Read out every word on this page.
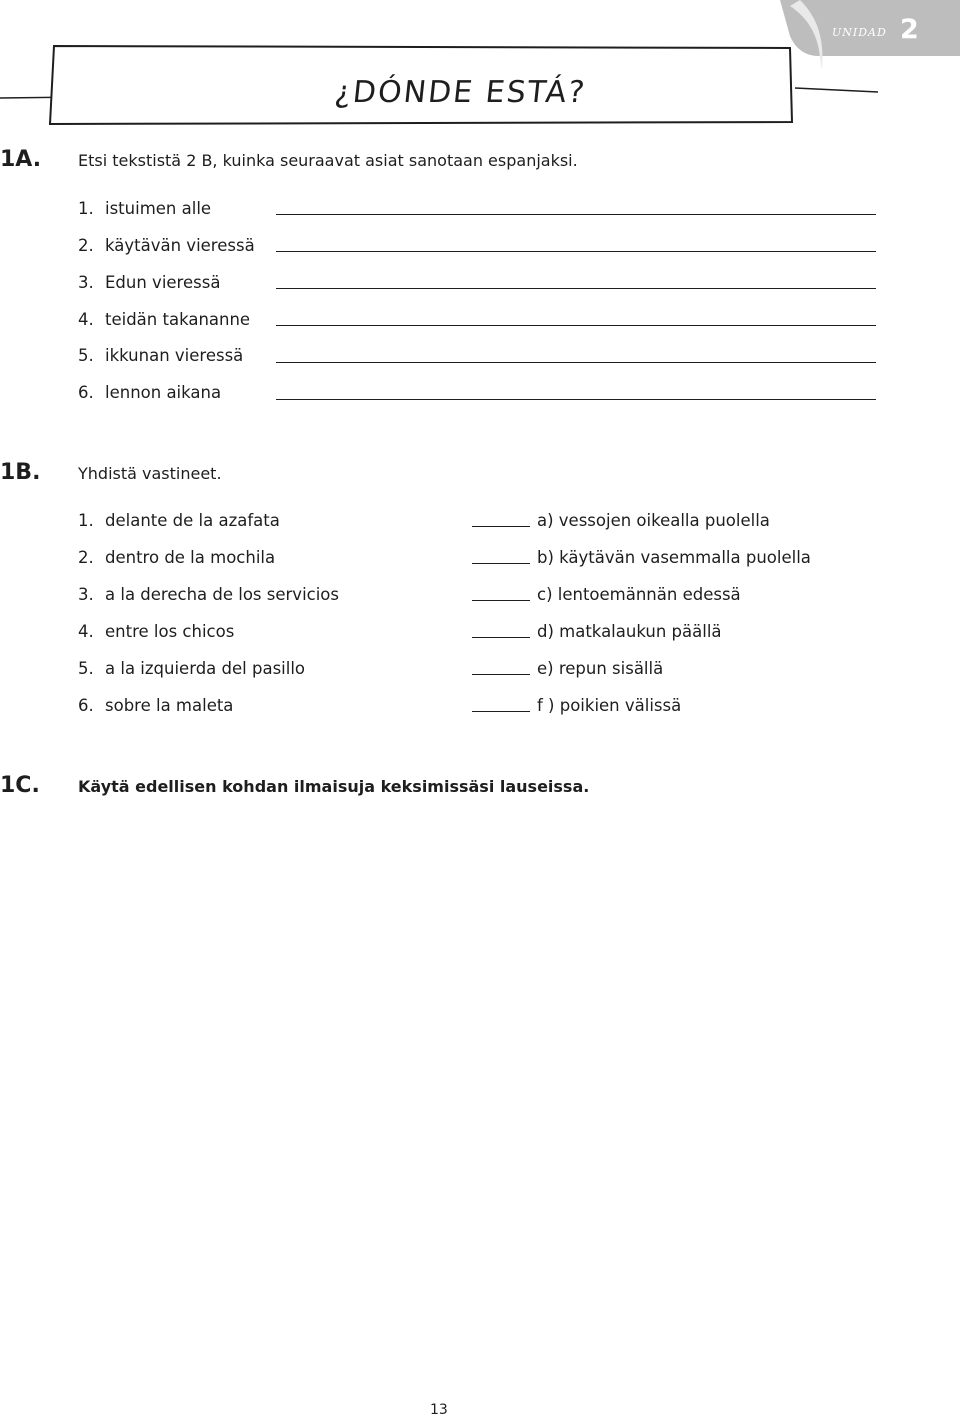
unidad 2
¿DÓNDE ESTÁ?
1A. Etsi tekstistä 2 B, kuinka seuraavat asiat sanotaan espanjaksi.
1. istuimen alle
2. käytävän vieressä
3. Edun vieressä
4. teidän takananne
5. ikkunan vieressä
6. lennon aikana
1B. Yhdistä vastineet.
1. delante de la azafata	a) vessojen oikealla puolella
2. dentro de la mochila	b) käytävän vasemmalla puolella
3. a la derecha de los servicios	c) lentoemännän edessä
4. entre los chicos	d) matkalaukun päällä
5. a la izquierda del pasillo	e) repun sisällä
6. sobre la maleta	f ) poikien välissä
1C. Käytä edellisen kohdan ilmaisuja keksimissäsi lauseissa.
13
